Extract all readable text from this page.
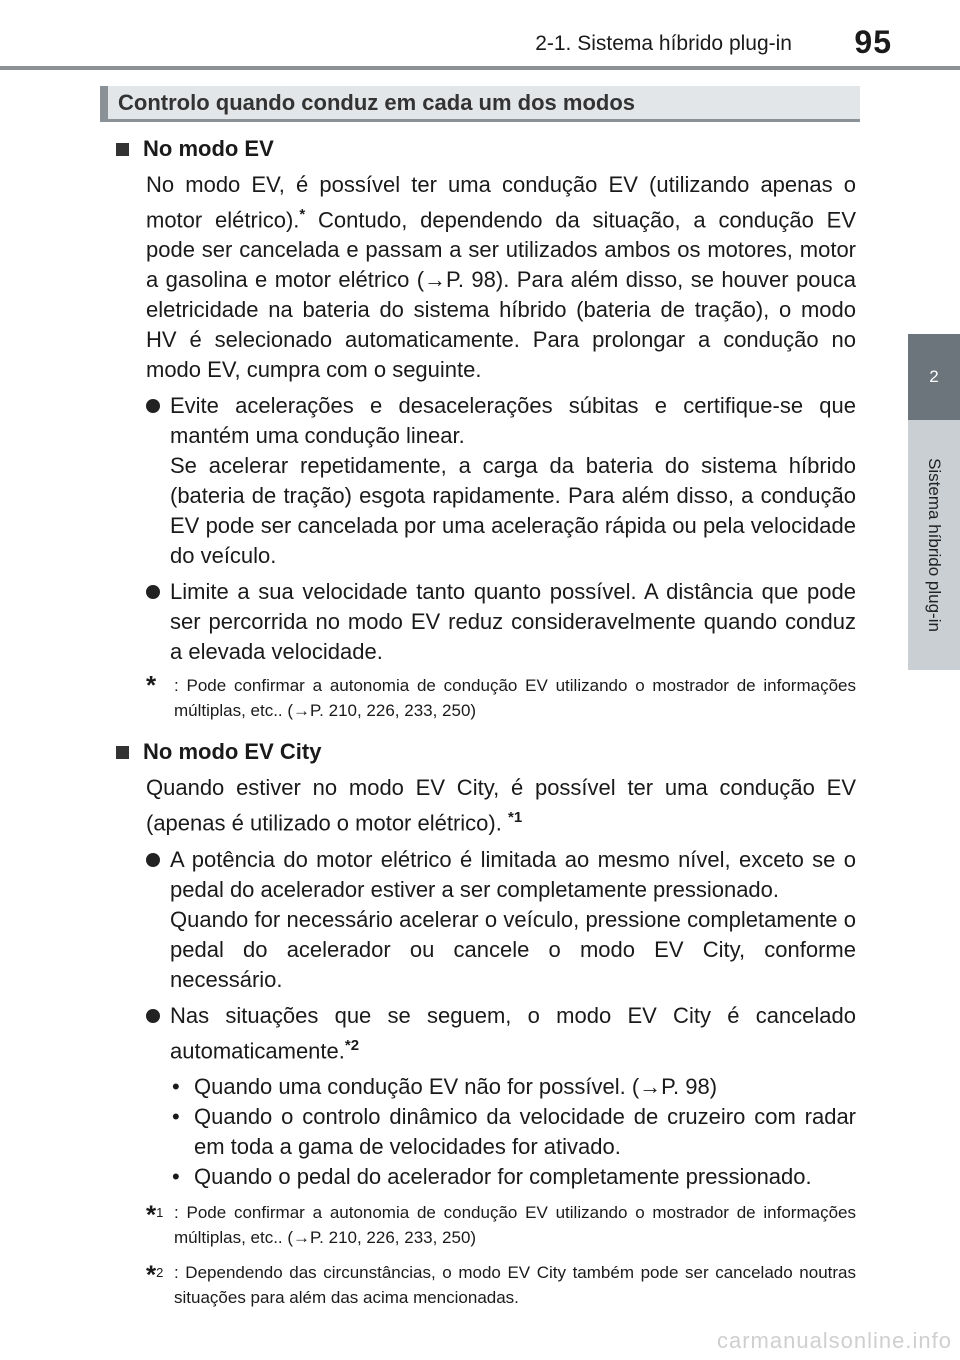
2-1. Sistema híbrido plug-in 95
2
Sistema híbrido plug-in
Controlo quando conduz em cada um dos modos
No modo EV

No modo EV, é possível ter uma condução EV (utilizando apenas o motor elétrico).* Contudo, dependendo da situação, a condução EV pode ser cancelada e passam a ser utilizados ambos os motores, motor a gasolina e motor elétrico (→P. 98). Para além disso, se houver pouca eletricidade na bateria do sistema híbrido (bateria de tração), o modo HV é selecionado automaticamente. Para prolongar a condução no modo EV, cumpra com o seguinte.

Evite acelerações e desacelerações súbitas e certifique-se que mantém uma condução linear.
Se acelerar repetidamente, a carga da bateria do sistema híbrido (bateria de tração) esgota rapidamente. Para além disso, a condução EV pode ser cancelada por uma aceleração rápida ou pela velocidade do veículo.
Limite a sua velocidade tanto quanto possível. A distância que pode ser percorrida no modo EV reduz consideravelmente quando conduz a elevada velocidade.
*	: Pode confirmar a autonomia de condução EV utilizando o mostrador de informações múltiplas, etc.. (→P. 210, 226, 233, 250)
No modo EV City

Quando estiver no modo EV City, é possível ter uma condução EV (apenas é utilizado o motor elétrico). $^{*1}$

A potência do motor elétrico é limitada ao mesmo nível, exceto se o pedal do acelerador estiver a ser completamente pressionado.
Quando for necessário acelerar o veículo, pressione completamente o pedal do acelerador ou cancele o modo EV City, conforme necessário.
Nas situações que se seguem, o modo EV City é cancelado automaticamente.$^{*2}$
• Quando uma condução EV não for possível. (→P. 98)
• Quando o controlo dinâmico da velocidade de cruzeiro com radar em toda a gama de velocidades for ativado.
• Quando o pedal do acelerador for completamente pressionado.
*$^1$ : Pode confirmar a autonomia de condução EV utilizando o mostrador de informações múltiplas, etc.. (→P. 210, 226, 233, 250)
*$^2$ : Dependendo das circunstâncias, o modo EV City também pode ser cancelado noutras situações para além das acima mencionadas.
carmanualsonline.info
